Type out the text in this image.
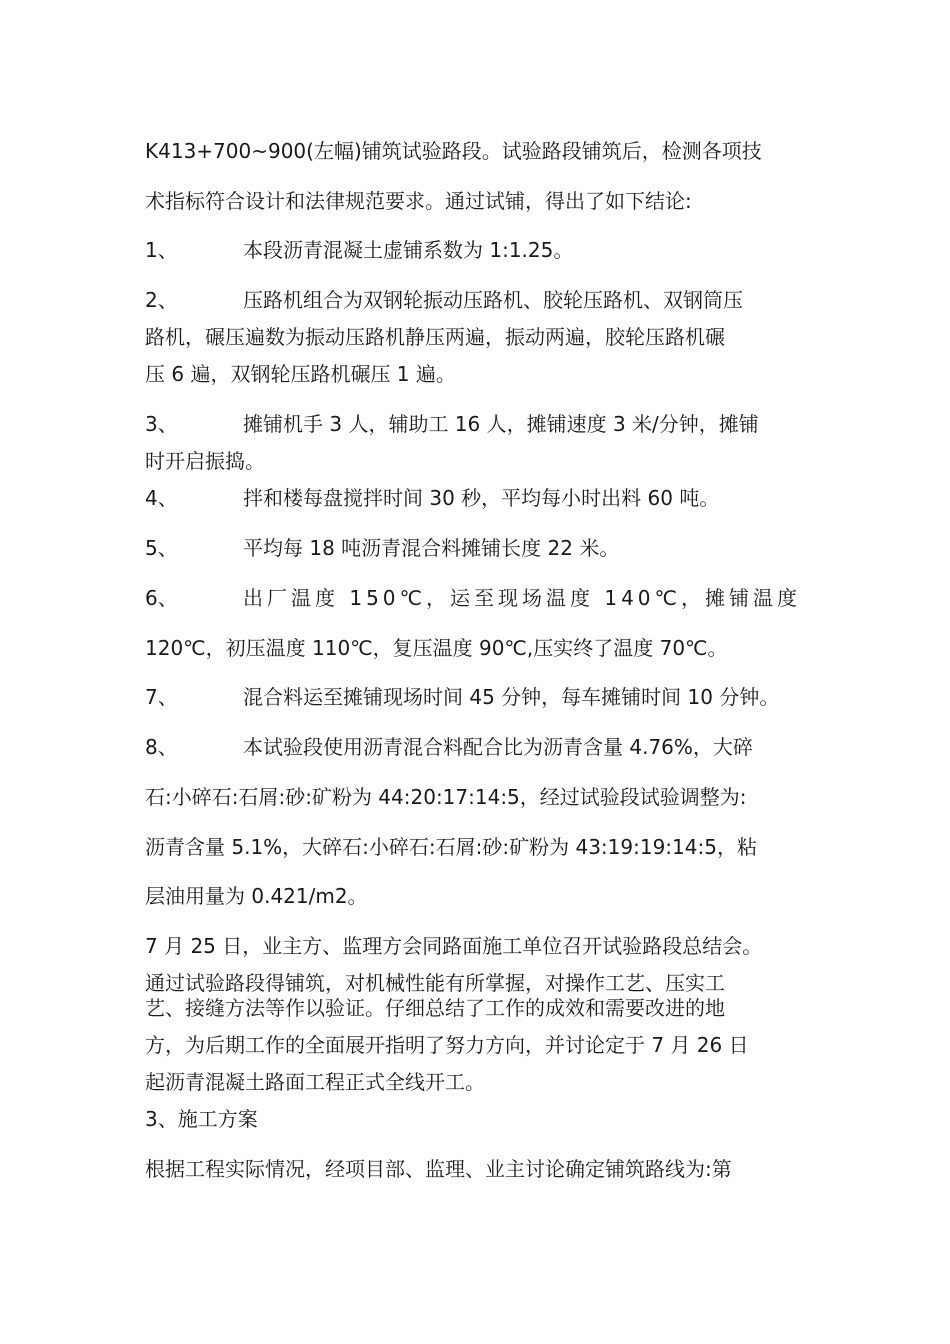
K413+700~900(左幅)铺筑试验路段。试验路段铺筑后，检测各项技
术指标符合设计和法律规范要求。通过试铺，得出了如下结论:
1、	本段沥青混凝土虚铺系数为 1:1.25。
2、	压路机组合为双钢轮振动压路机、胶轮压路机、双钢筒压
路机，碾压遍数为振动压路机静压两遍，振动两遍，胶轮压路机碾
压 6 遍，双钢轮压路机碾压 1 遍。
3、	摊铺机手 3 人，辅助工 16 人，摊铺速度 3 米/分钟，摊铺
时开启振捣。
4、	拌和楼每盘搅拌时间 30 秒，平均每小时出料 60 吨。
5、	平均每 18 吨沥青混合料摊铺长度 22 米。
6、	出厂温度 150℃，运至现场温度 140℃，摊铺温度
120℃，初压温度 110℃，复压温度 90℃,压实终了温度 70℃。
7、	混合料运至摊铺现场时间 45 分钟，每车摊铺时间 10 分钟。
8、	本试验段使用沥青混合料配合比为沥青含量 4.76%，大碎
石:小碎石:石屑:砂:矿粉为 44:20:17:14:5，经过试验段试验调整为:
沥青含量 5.1%，大碎石:小碎石:石屑:砂:矿粉为 43:19:19:14:5，粘
层油用量为 0.421/m2。
7 月 25 日，业主方、监理方会同路面施工单位召开试验路段总结会。
通过试验路段得铺筑，对机械性能有所掌握，对操作工艺、压实工
艺、接缝方法等作以验证。仔细总结了工作的成效和需要改进的地
方，为后期工作的全面展开指明了努力方向，并讨论定于 7 月 26 日
起沥青混凝土路面工程正式全线开工。
3、施工方案
根据工程实际情况，经项目部、监理、业主讨论确定铺筑路线为:第
